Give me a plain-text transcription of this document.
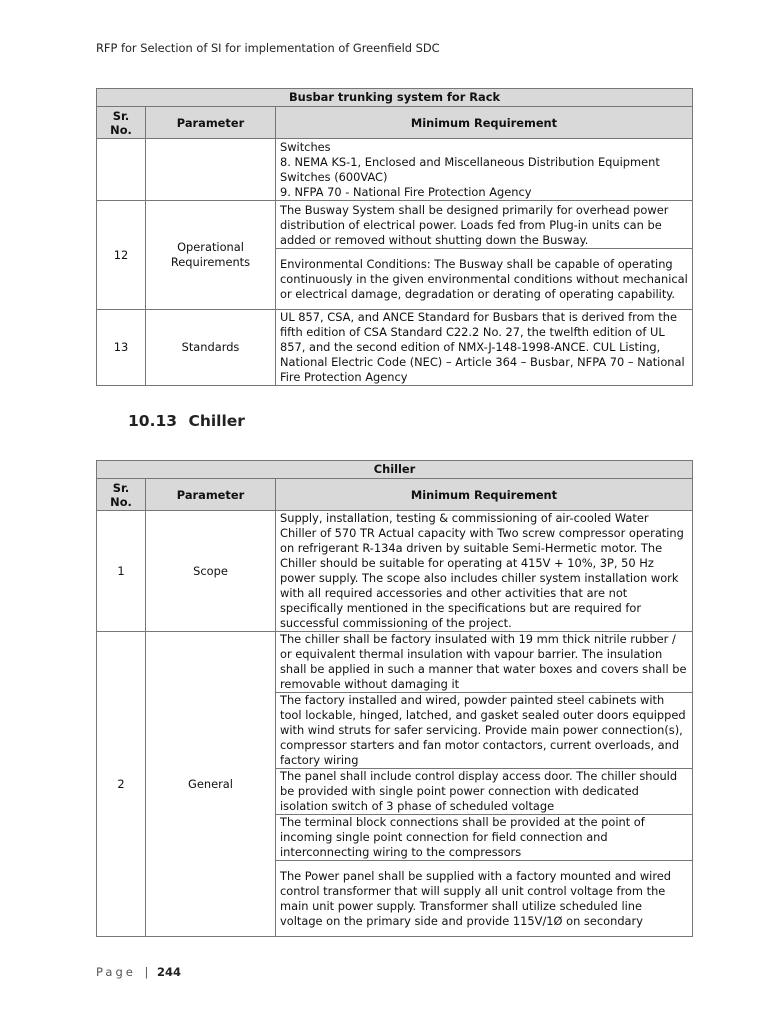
RFP for Selection of SI for implementation of Greenfield SDC
Busbar trunking system for Rack		
Sr. No.	Parameter	Minimum Requirement

		Switches
8. NEMA KS-1, Enclosed and Miscellaneous Distribution Equipment
Switches (600VAC)
9. NFPA 70 - National Fire Protection Agency

12	Operational Requirements	The Busway System shall be designed primarily for overhead power distribution of electrical power. Loads fed from Plug-in units can be added or removed without shutting down the Busway.
		Environmental Conditions: The Busway shall be capable of operating continuously in the given environmental conditions without mechanical or electrical damage, degradation or derating of operating capability.
13	Standards	UL 857, CSA, and ANCE Standard for Busbars that is derived from the fifth edition of CSA Standard C22.2 No. 27, the twelfth edition of UL 857, and the second edition of NMX-J-148-1998-ANCE. CUL Listing, National Electric Code (NEC) – Article 364 – Busbar, NFPA 70 – National Fire Protection Agency
10.13 Chiller
Chiller		
Sr. No.	Parameter	Minimum Requirement
1	Scope	Supply, installation, testing & commissioning of air-cooled Water Chiller of 570 TR Actual capacity with Two screw compressor operating on refrigerant R-134a driven by suitable Semi-Hermetic motor. The Chiller should be suitable for operating at 415V + 10%, 3P, 50 Hz power supply. The scope also includes chiller system installation work with all required accessories and other activities that are not specifically mentioned in the specifications but are required for successful commissioning of the project.
2	General	The chiller shall be factory insulated with 19 mm thick nitrile rubber / or equivalent thermal insulation with vapour barrier. The insulation shall be applied in such a manner that water boxes and covers shall be removable without damaging it
		The factory installed and wired, powder painted steel cabinets with tool lockable, hinged, latched, and gasket sealed outer doors equipped with wind struts for safer servicing. Provide main power connection(s), compressor starters and fan motor contactors, current overloads, and factory wiring
		The panel shall include control display access door. The chiller should be provided with single point power connection with dedicated isolation switch of 3 phase of scheduled voltage
		The terminal block connections shall be provided at the point of incoming single point connection for field connection and interconnecting wiring to the compressors
		The Power panel shall be supplied with a factory mounted and wired control transformer that will supply all unit control voltage from the main unit power supply. Transformer shall utilize scheduled line voltage on the primary side and provide 115V/1Ø on secondary
Page | 244
